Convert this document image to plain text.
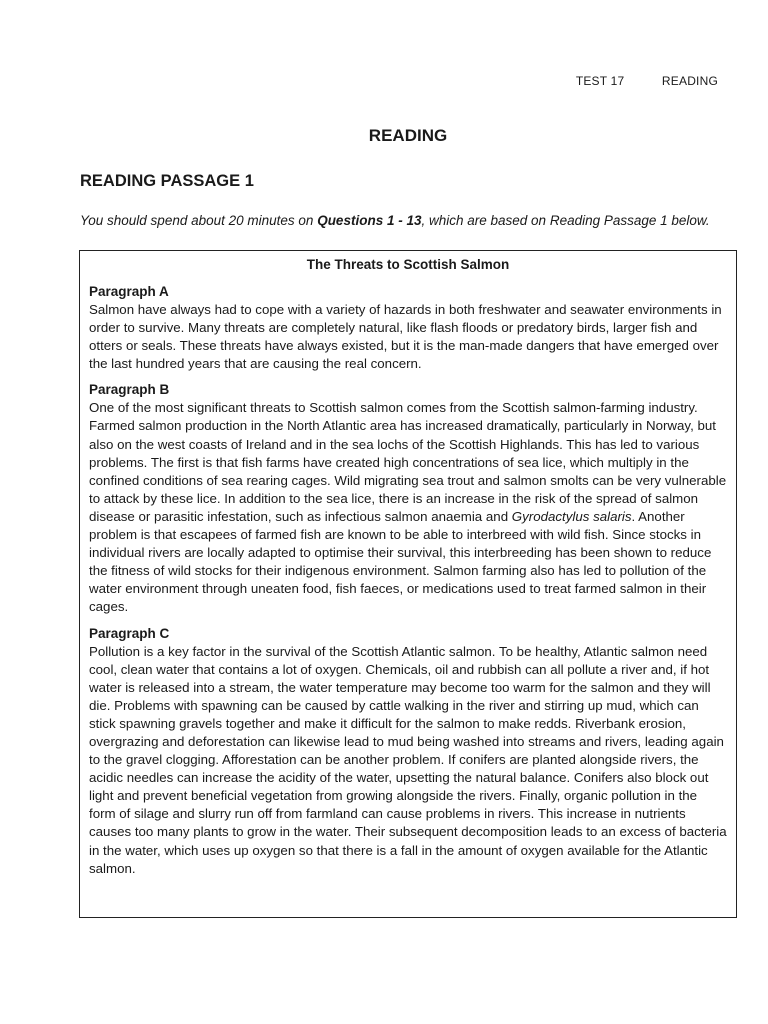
TEST 17	READING
READING
READING PASSAGE 1
You should spend about 20 minutes on Questions 1 - 13, which are based on Reading Passage 1 below.

The Threats to Scottish Salmon

Paragraph A

Salmon have always had to cope with a variety of hazards in both freshwater and seawater environments in order to survive. Many threats are completely natural, like flash floods or predatory birds, larger fish and otters or seals. These threats have always existed, but it is the man-made dangers that have emerged over the last hundred years that are causing the real concern.

Paragraph B

One of the most significant threats to Scottish salmon comes from the Scottish salmon-farming industry. Farmed salmon production in the North Atlantic area has increased dramatically, particularly in Norway, but also on the west coasts of Ireland and in the sea lochs of the Scottish Highlands. This has led to various problems. The first is that fish farms have created high concentrations of sea lice, which multiply in the confined conditions of sea rearing cages. Wild migrating sea trout and salmon smolts can be very vulnerable to attack by these lice. In addition to the sea lice, there is an increase in the risk of the spread of salmon disease or parasitic infestation, such as infectious salmon anaemia and Gyrodactylus salaris. Another problem is that escapees of farmed fish are known to be able to interbreed with wild fish. Since stocks in individual rivers are locally adapted to optimise their survival, this interbreeding has been shown to reduce the fitness of wild stocks for their indigenous environment. Salmon farming also has led to pollution of the water environment through uneaten food, fish faeces, or medications used to treat farmed salmon in their cages.

Paragraph C

Pollution is a key factor in the survival of the Scottish Atlantic salmon. To be healthy, Atlantic salmon need cool, clean water that contains a lot of oxygen. Chemicals, oil and rubbish can all pollute a river and, if hot water is released into a stream, the water temperature may become too warm for the salmon and they will die. Problems with spawning can be caused by cattle walking in the river and stirring up mud, which can stick spawning gravels together and make it difficult for the salmon to make redds. Riverbank erosion, overgrazing and deforestation can likewise lead to mud being washed into streams and rivers, leading again to the gravel clogging. Afforestation can be another problem. If conifers are planted alongside rivers, the acidic needles can increase the acidity of the water, upsetting the natural balance. Conifers also block out light and prevent beneficial vegetation from growing alongside the rivers. Finally, organic pollution in the form of silage and slurry run off from farmland can cause problems in rivers. This increase in nutrients causes too many plants to grow in the water. Their subsequent decomposition leads to an excess of bacteria in the water, which uses up oxygen so that there is a fall in the amount of oxygen available for the Atlantic salmon.
